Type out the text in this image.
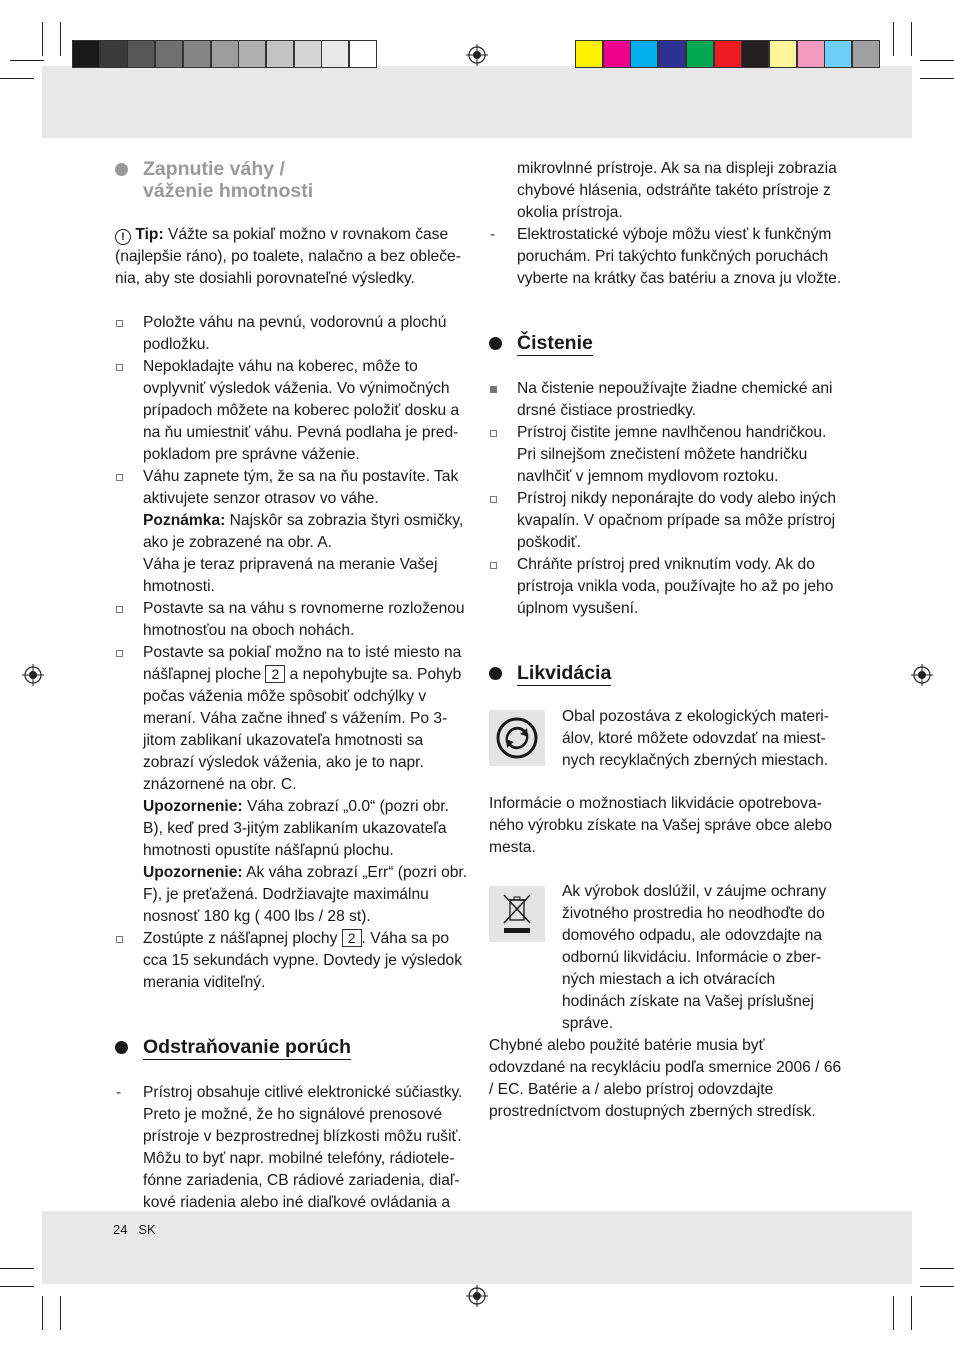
Zapnutie váhy /
váženie hmotnosti
! Tip: Vážte sa pokiaľ možno v rovnakom čase (najlepšie ráno), po toalete, nalačno a bez oblečenia, aby ste dosiahli porovnateľné výsledky.
Položte váhu na pevnú, vodorovnú a plochú podložku.
Nepokladajte váhu na koberec, môže to ovplyvniť výsledok váženia. Vo výnimočných prípadoch môžete na koberec položiť dosku a na ňu umiestniť váhu. Pevná podlaha je predpokladom pre správne váženie.
Váhu zapnete tým, že sa na ňu postavíte. Tak aktivujete senzor otrasov vo váhe.
Poznámka: Najskôr sa zobrazia štyri osmičky, ako je zobrazené na obr. A.
Váha je teraz pripravená na meranie Vašej hmotnosti.
Postavte sa na váhu s rovnomerne rozloženou hmotnosťou na oboch nohách.
Postavte sa pokiaľ možno na to isté miesto na nášľapnej ploche 2 a nepohybujte sa. Pohyb počas váženia môže spôsobiť odchýlky v meraní. Váha začne ihneď s vážením. Po 3-jitom zablikaní ukazovateľa hmotnosti sa zobrazí výsledok váženia, ako je to napr. znázornené na obr. C.
Upozornenie: Váha zobrazí „0.0“ (pozri obr. B), keď pred 3-jitým zablikaním ukazovateľa hmotnosti opustíte nášľapnú plochu.
Upozornenie: Ak váha zobrazí „Err“ (pozri obr. F), je preťažená. Dodržiavajte maximálnu nosnosť 180 kg ( 400 lbs / 28 st).
Zostúpte z nášľapnej plochy 2 . Váha sa po cca 15 sekundách vypne. Dovtedy je výsledok merania viditeľný.
Odstraňovanie porúch
- Prístroj obsahuje citlivé elektronické súčiastky. Preto je možné, že ho signálové prenosové prístroje v bezprostrednej blízkosti môžu rušiť. Môžu to byť napr. mobilné telefóny, rádiotelefónne zariadenia, CB rádiové zariadenia, diaľkové riadenia alebo iné diaľkové ovládania a
mikrovlnné prístroje. Ak sa na displeji zobrazia chybové hlásenia, odstráňte takéto prístroje z okolia prístroja.
- Elektrostatické výboje môžu viesť k funkčným poruchám. Pri takýchto funkčných poruchách vyberte na krátky čas batériu a znova ju vložte.
Čistenie
Na čistenie nepoužívajte žiadne chemické ani drsné čistiace prostriedky.
Prístroj čistite jemne navlhčenou handričkou. Pri silnejšom znečistení môžete handričku navlhčiť v jemnom mydlovom roztoku.
Prístroj nikdy neponárajte do vody alebo iných kvapalín. V opačnom prípade sa môže prístroj poškodiť.
Chráňte prístroj pred vniknutím vody. Ak do prístroja vnikla voda, používajte ho až po jeho úplnom vysušení.
Likvidácia
Obal pozostáva z ekologických materiálov, ktoré môžete odovzdať na miestnych recyklačných zberných miestach.
Informácie o možnostiach likvidácie opotrebovaného výrobku získate na Vašej správe obce alebo mesta.
Ak výrobok doslúžil, v záujme ochrany životného prostredia ho neodhoďte do domového odpadu, ale odovzdajte na odbornú likvidáciu. Informácie o zberných miestach a ich otváracích hodinách získate na Vašej príslušnej správe.
Chybné alebo použité batérie musia byť odovzdané na recykláciu podľa smernice 2006 / 66 / EC. Batérie a / alebo prístroj odovzdajte prostredníctvom dostupných zberných stredísk.
24 SK
